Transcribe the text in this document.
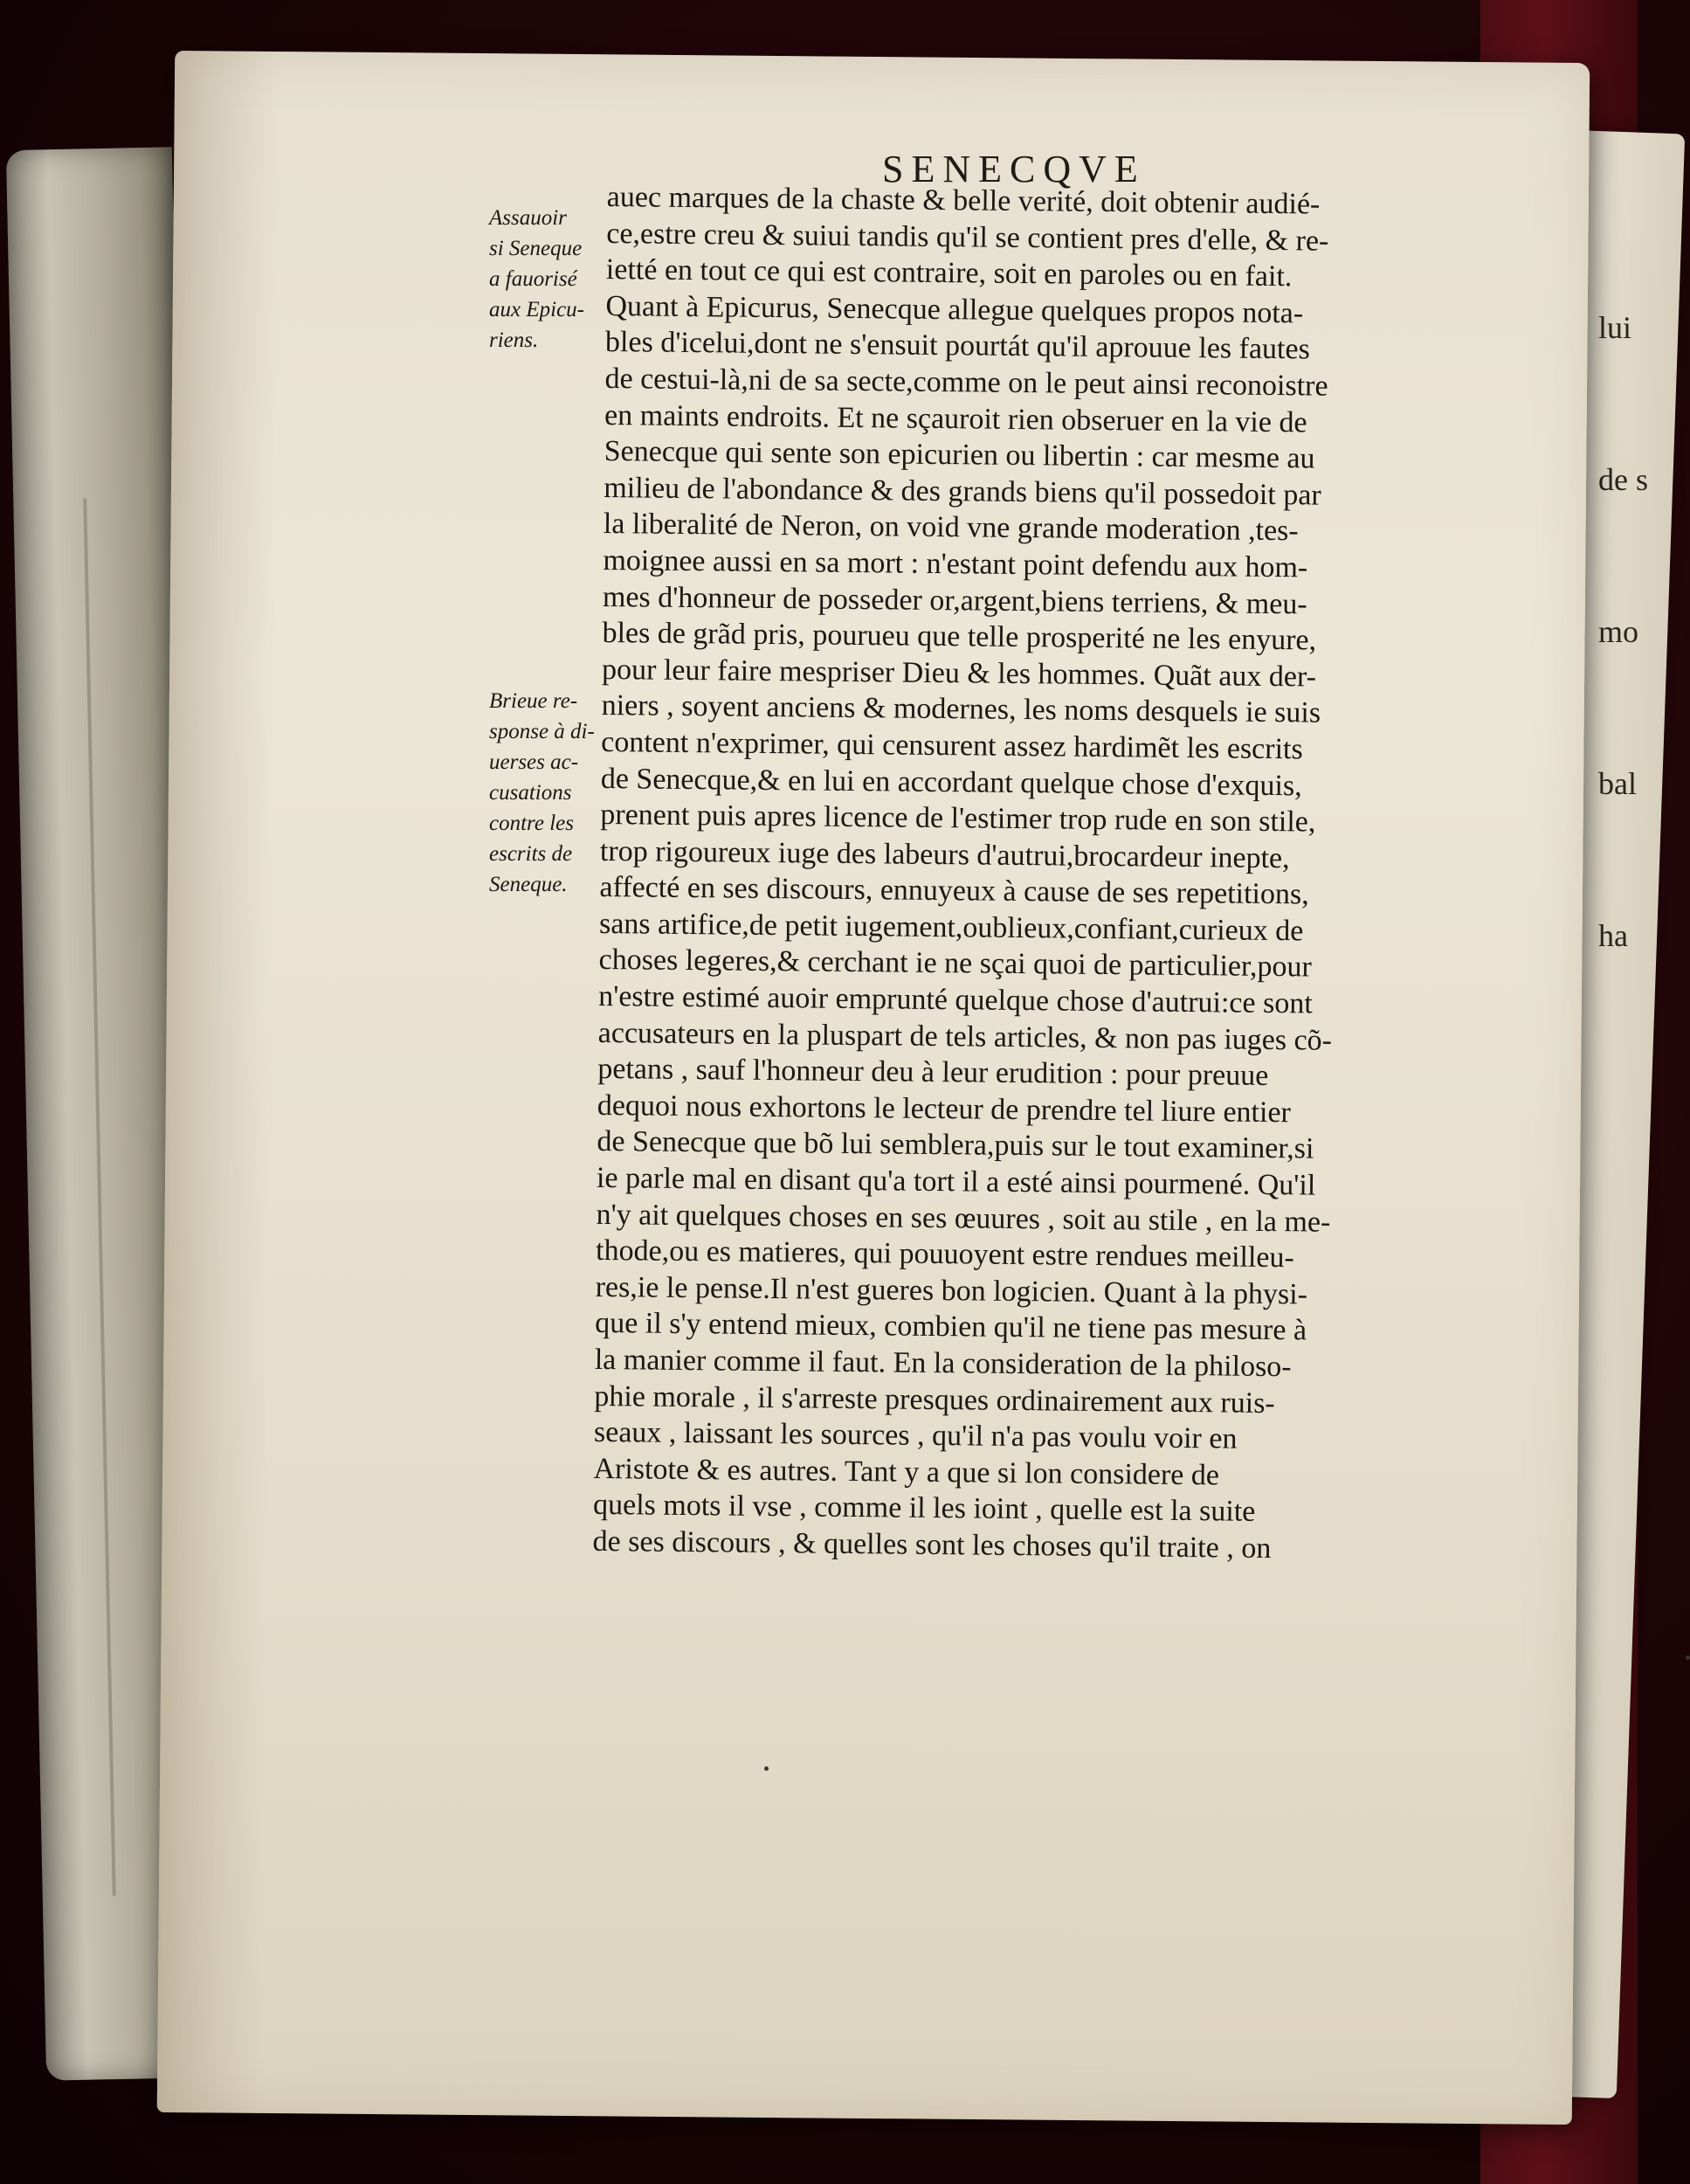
lui

de s

mo

bal

ha

SENECQVE
Assauoir
si Seneque
a fauorisé
aux Epicu-
riens.
Brieue re-
sponse à di-
uerses ac-
cusations
contre les
escrits de
Seneque.
auec marques de la chaste & belle verité, doit obtenir audié-
ce,estre creu & suiui tandis qu'il se contient pres d'elle, & re-
ietté en tout ce qui est contraire, soit en paroles ou en fait.
Quant à Epicurus, Senecque allegue quelques propos nota-
bles d'icelui,dont ne s'ensuit pourtát qu'il aprouue les fautes
de cestui-là,ni de sa secte,comme on le peut ainsi reconoistre
en maints endroits. Et ne sçauroit rien obseruer en la vie de
Senecque qui sente son epicurien ou libertin : car mesme au
milieu de l'abondance & des grands biens qu'il possedoit par
la liberalité de Neron, on void vne grande moderation ,tes-
moignee aussi en sa mort : n'estant point defendu aux hom-
mes d'honneur de posseder or,argent,biens terriens, & meu-
bles de grãd pris, pourueu que telle prosperité ne les enyure,
pour leur faire mespriser Dieu & les hommes. Quãt aux der-
niers , soyent anciens & modernes, les noms desquels ie suis
content n'exprimer, qui censurent assez hardimẽt les escrits
de Senecque,& en lui en accordant quelque chose d'exquis,
prenent puis apres licence de l'estimer trop rude en son stile,
trop rigoureux iuge des labeurs d'autrui,brocardeur inepte,
affecté en ses discours, ennuyeux à cause de ses repetitions,
sans artifice,de petit iugement,oublieux,confiant,curieux de
choses legeres,& cerchant ie ne sçai quoi de particulier,pour
n'estre estimé auoir emprunté quelque chose d'autrui:ce sont
accusateurs en la pluspart de tels articles, & non pas iuges cõ-
petans , sauf l'honneur deu à leur erudition : pour preuue
dequoi nous exhortons le lecteur de prendre tel liure entier
de Senecque que bõ lui semblera,puis sur le tout examiner,si
ie parle mal en disant qu'a tort il a esté ainsi pourmené. Qu'il
n'y ait quelques choses en ses œuures , soit au stile , en la me-
thode,ou es matieres, qui pouuoyent estre rendues meilleu-
res,ie le pense.Il n'est gueres bon logicien. Quant à la physi-
que il s'y entend mieux, combien qu'il ne tiene pas mesure à
la manier comme il faut. En la consideration de la philoso-
phie morale , il s'arreste presques ordinairement aux ruis-
seaux , laissant les sources , qu'il n'a pas voulu voir en
Aristote & es autres. Tant y a que si lon considere de
quels mots il vse , comme il les ioint , quelle est la suite
de ses discours , & quelles sont les choses qu'il traite , on
